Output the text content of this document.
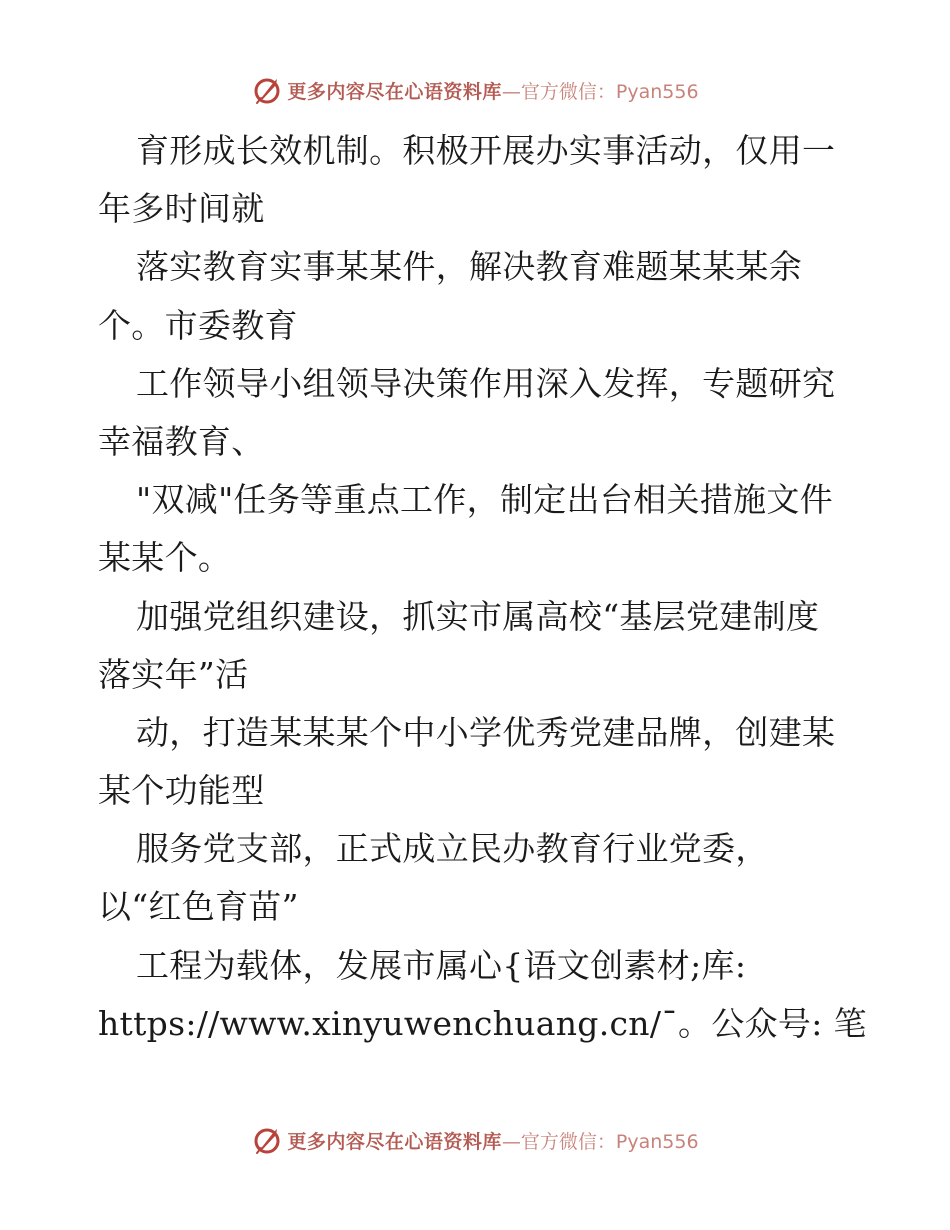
更多内容尽在心语资料库 —官方微信：Pyan556
育形成长效机制。积极开展办实事活动，仅用一
年多时间就
落实教育实事某某件，解决教育难题某某某余
个。市委教育
工作领导小组领导决策作用深入发挥，专题研究
幸福教育、
"双减"任务等重点工作，制定出台相关措施文件
某某个。
加强党组织建设，抓实市属高校“基层党建制度
落实年”活
动，打造某某某个中小学优秀党建品牌，创建某
某个功能型
服务党支部，正式成立民办教育行业党委，
以“红色育苗”
工程为载体，发展市属心{语文创素材;库:
https://www.xinyuwenchuang.cn/¯。公众号: 笔
更多内容尽在心语资料库 —官方微信：Pyan556
